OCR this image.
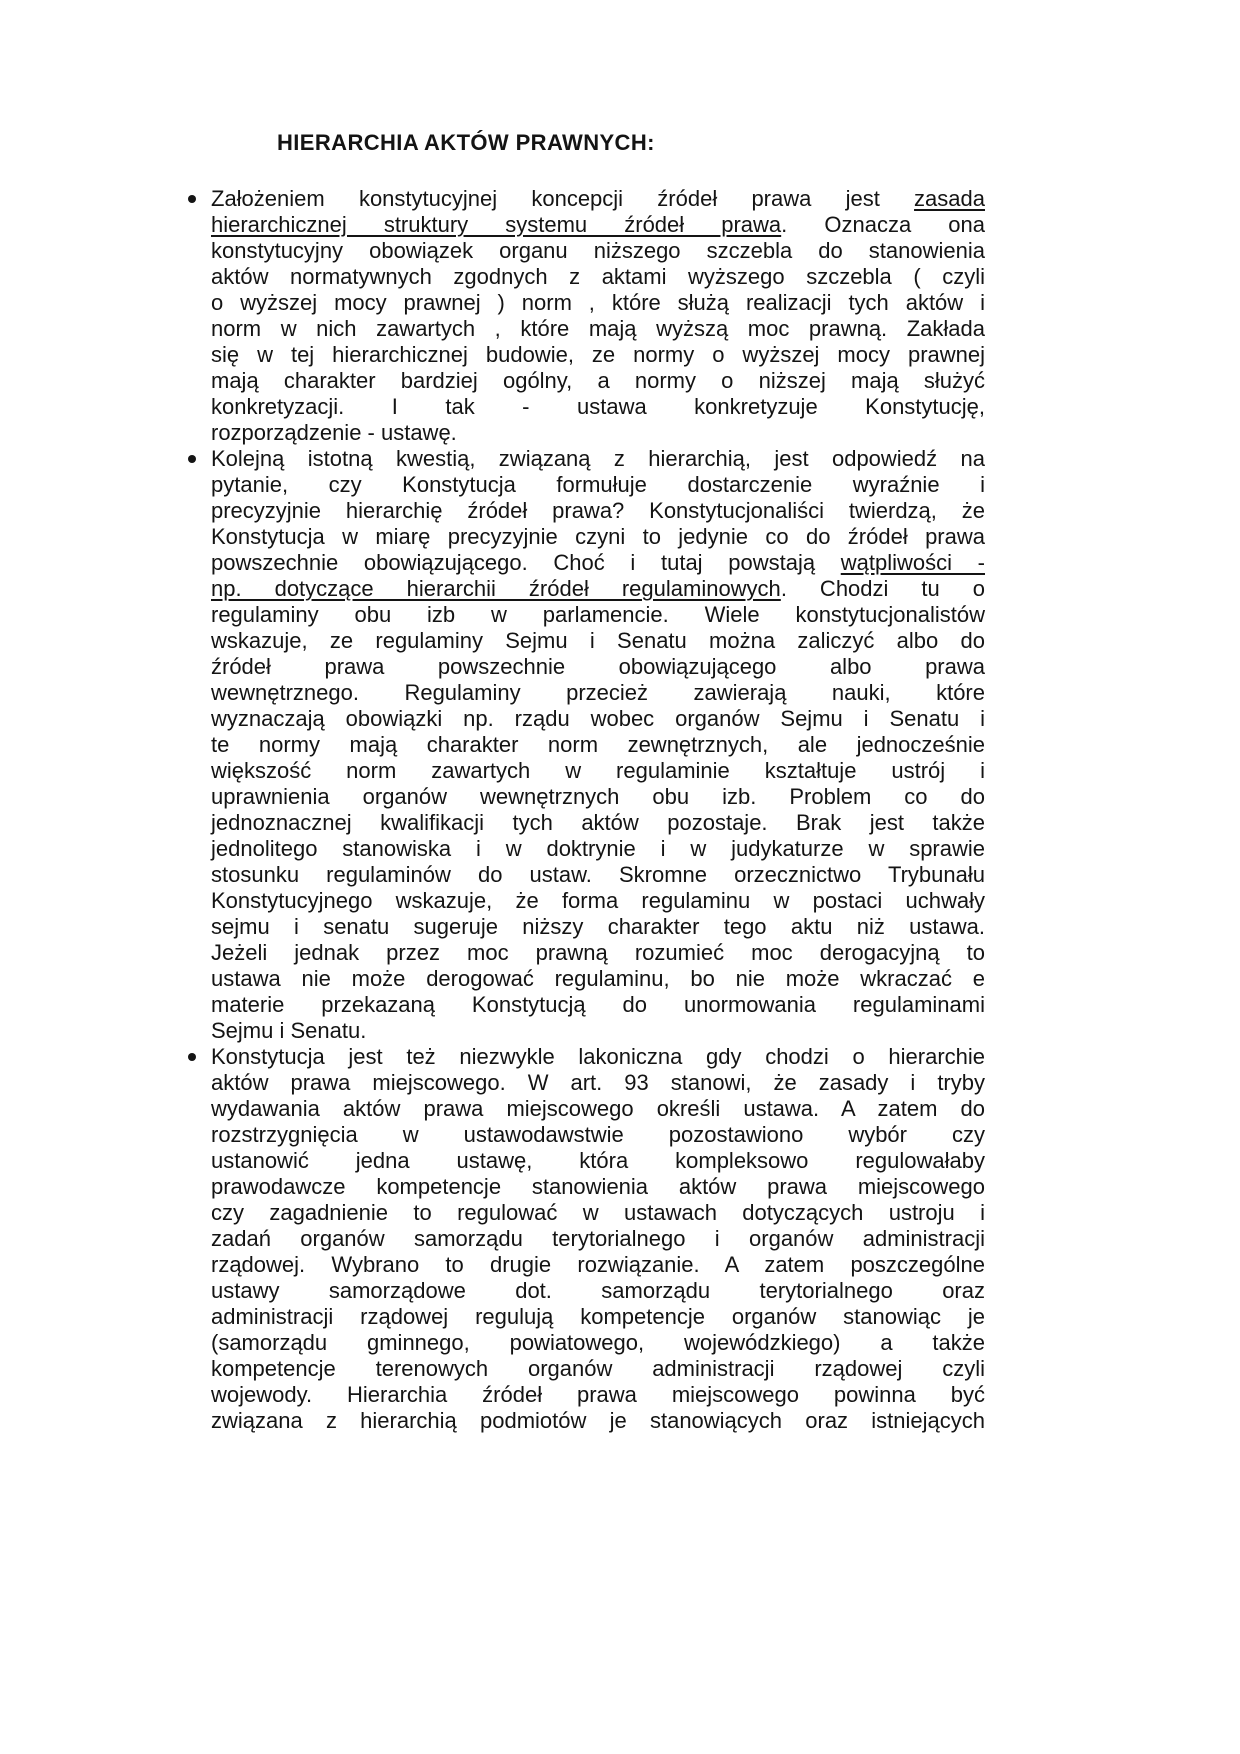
HIERARCHIA AKTÓW PRAWNYCH:
Założeniem konstytucyjnej koncepcji źródeł prawa jest zasada
hierarchicznej struktury systemu źródeł prawa. Oznacza ona
konstytucyjny obowiązek organu niższego szczebla do stanowienia
aktów normatywnych zgodnych z aktami wyższego szczebla ( czyli
o wyższej mocy prawnej ) norm , które służą realizacji tych aktów i
norm w nich zawartych , które mają wyższą moc prawną. Zakłada
się w tej hierarchicznej budowie, ze normy o wyższej mocy prawnej
mają charakter bardziej ogólny, a normy o niższej mają służyć
konkretyzacji. I tak - ustawa konkretyzuje Konstytucję,
rozporządzenie - ustawę.
Kolejną istotną kwestią, związaną z hierarchią, jest odpowiedź na
pytanie, czy Konstytucja formułuje dostarczenie wyraźnie i
precyzyjnie hierarchię źródeł prawa? Konstytucjonaliści twierdzą, że
Konstytucja w miarę precyzyjnie czyni to jedynie co do źródeł prawa
powszechnie obowiązującego. Choć i tutaj powstają wątpliwości -
np. dotyczące hierarchii źródeł regulaminowych. Chodzi tu o
regulaminy obu izb w parlamencie. Wiele konstytucjonalistów
wskazuje, ze regulaminy Sejmu i Senatu można zaliczyć albo do
źródeł prawa powszechnie obowiązującego albo prawa
wewnętrznego. Regulaminy przecież zawierają nauki, które
wyznaczają obowiązki np. rządu wobec organów Sejmu i Senatu i
te normy mają charakter norm zewnętrznych, ale jednocześnie
większość norm zawartych w regulaminie kształtuje ustrój i
uprawnienia organów wewnętrznych obu izb. Problem co do
jednoznacznej kwalifikacji tych aktów pozostaje. Brak jest także
jednolitego stanowiska i w doktrynie i w judykaturze w sprawie
stosunku regulaminów do ustaw. Skromne orzecznictwo Trybunału
Konstytucyjnego wskazuje, że forma regulaminu w postaci uchwały
sejmu i senatu sugeruje niższy charakter tego aktu niż ustawa.
Jeżeli jednak przez moc prawną rozumieć moc derogacyjną to
ustawa nie może derogować regulaminu, bo nie może wkraczać e
materie przekazaną Konstytucją do unormowania regulaminami
Sejmu i Senatu.
Konstytucja jest też niezwykle lakoniczna gdy chodzi o hierarchie
aktów prawa miejscowego. W art. 93 stanowi, że zasady i tryby
wydawania aktów prawa miejscowego określi ustawa. A zatem do
rozstrzygnięcia w ustawodawstwie pozostawiono wybór czy
ustanowić jedna ustawę, która kompleksowo regulowałaby
prawodawcze kompetencje stanowienia aktów prawa miejscowego
czy zagadnienie to regulować w ustawach dotyczących ustroju i
zadań organów samorządu terytorialnego i organów administracji
rządowej. Wybrano to drugie rozwiązanie. A zatem poszczególne
ustawy samorządowe dot. samorządu terytorialnego oraz
administracji rządowej regulują kompetencje organów stanowiąc je
(samorządu gminnego, powiatowego, wojewódzkiego) a także
kompetencje terenowych organów administracji rządowej czyli
wojewody. Hierarchia źródeł prawa miejscowego powinna być
związana z hierarchią podmiotów je stanowiących oraz istniejących
